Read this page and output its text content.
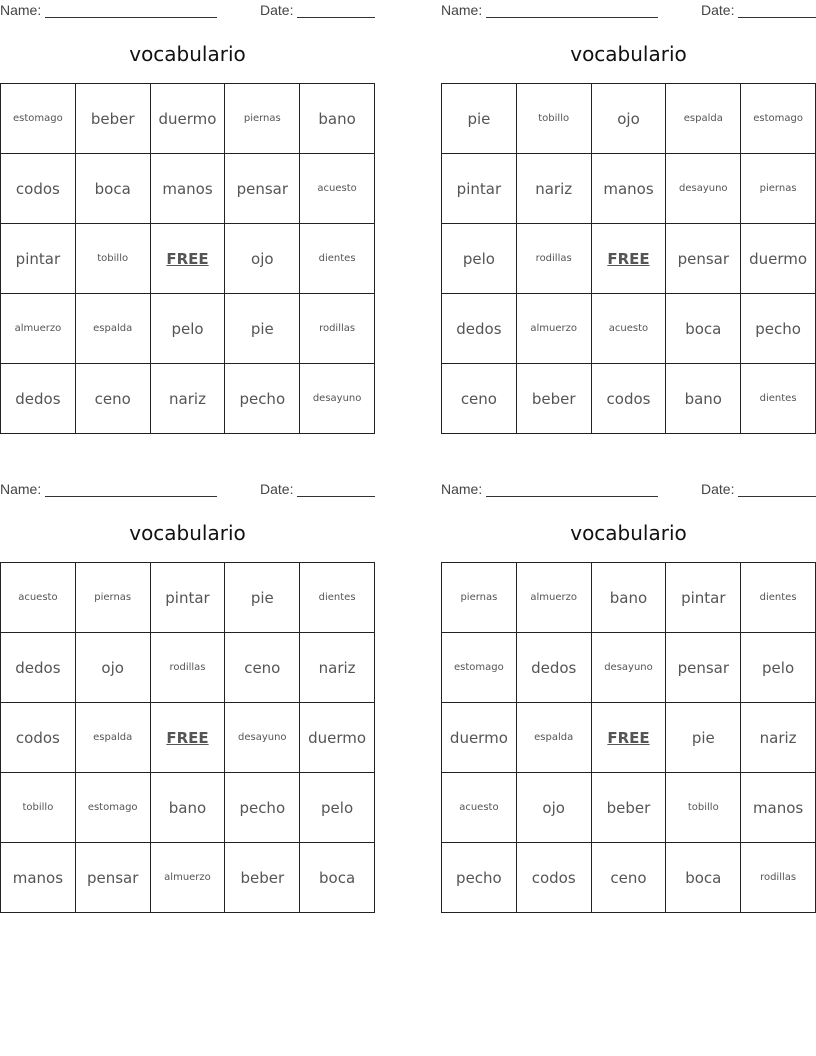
Name:	Date:
vocabulario
estomago	beber	duermo	piernas	bano
codos	boca	manos	pensar	acuesto
pintar	tobillo	FREE	ojo	dientes
almuerzo	espalda	pelo	pie	rodillas
dedos	ceno	nariz	pecho	desayuno
Name:	Date:
vocabulario
pie	tobillo	ojo	espalda	estomago
pintar	nariz	manos	desayuno	piernas
pelo	rodillas	FREE	pensar	duermo
dedos	almuerzo	acuesto	boca	pecho
ceno	beber	codos	bano	dientes
Name:	Date:
vocabulario
acuesto	piernas	pintar	pie	dientes
dedos	ojo	rodillas	ceno	nariz
codos	espalda	FREE	desayuno	duermo
tobillo	estomago	bano	pecho	pelo
manos	pensar	almuerzo	beber	boca
Name:	Date:
vocabulario
piernas	almuerzo	bano	pintar	dientes
estomago	dedos	desayuno	pensar	pelo
duermo	espalda	FREE	pie	nariz
acuesto	ojo	beber	tobillo	manos
pecho	codos	ceno	boca	rodillas
